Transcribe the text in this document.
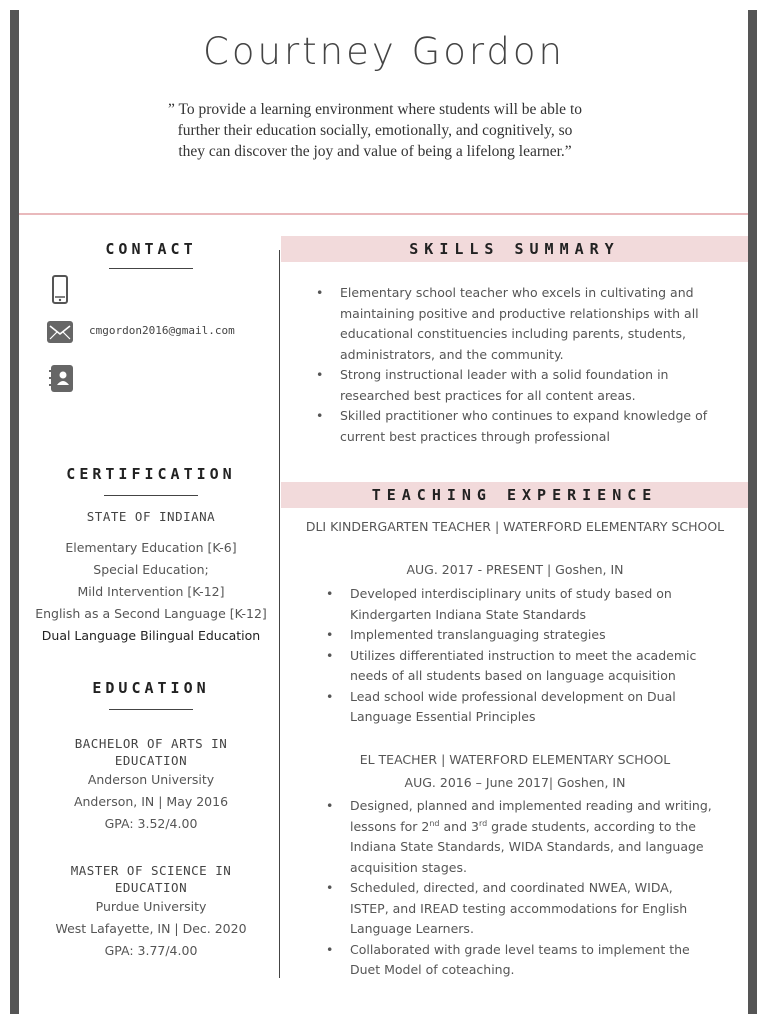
Courtney Gordon
” To provide a learning environment where students will be able to further their education socially, emotionally, and cognitively, so they can discover the joy and value of being a lifelong learner.”
CONTACT
cmgordon2016@gmail.com
CERTIFICATION
STATE OF INDIANA
Elementary Education [K-6]
Special Education;
Mild Intervention [K-12]
English as a Second Language [K-12]
Dual Language Bilingual Education
EDUCATION
BACHELOR OF ARTS IN
EDUCATION
Anderson University
Anderson, IN | May 2016
GPA: 3.52/4.00
MASTER OF SCIENCE IN
EDUCATION
Purdue University
West Lafayette, IN | Dec. 2020
GPA: 3.77/4.00
SKILLS SUMMARY
• Elementary school teacher who excels in cultivating and maintaining positive and productive relationships with all educational constituencies including parents, students, administrators, and the community.
• Strong instructional leader with a solid foundation in researched best practices for all content areas.
• Skilled practitioner who continues to expand knowledge of current best practices through professional
TEACHING EXPERIENCE
DLI KINDERGARTEN TEACHER | WATERFORD ELEMENTARY SCHOOL
AUG. 2017 - PRESENT | Goshen, IN
• Developed interdisciplinary units of study based on Kindergarten Indiana State Standards
• Implemented translanguaging strategies
• Utilizes differentiated instruction to meet the academic needs of all students based on language acquisition
• Lead school wide professional development on Dual Language Essential Principles
EL TEACHER | WATERFORD ELEMENTARY SCHOOL
AUG. 2016 – June 2017| Goshen, IN
• Designed, planned and implemented reading and writing, lessons for 2nd and 3rd grade students, according to the Indiana State Standards, WIDA Standards, and language acquisition stages.
• Scheduled, directed, and coordinated NWEA, WIDA, ISTEP, and IREAD testing accommodations for English Language Learners.
• Collaborated with grade level teams to implement the Duet Model of coteaching.
